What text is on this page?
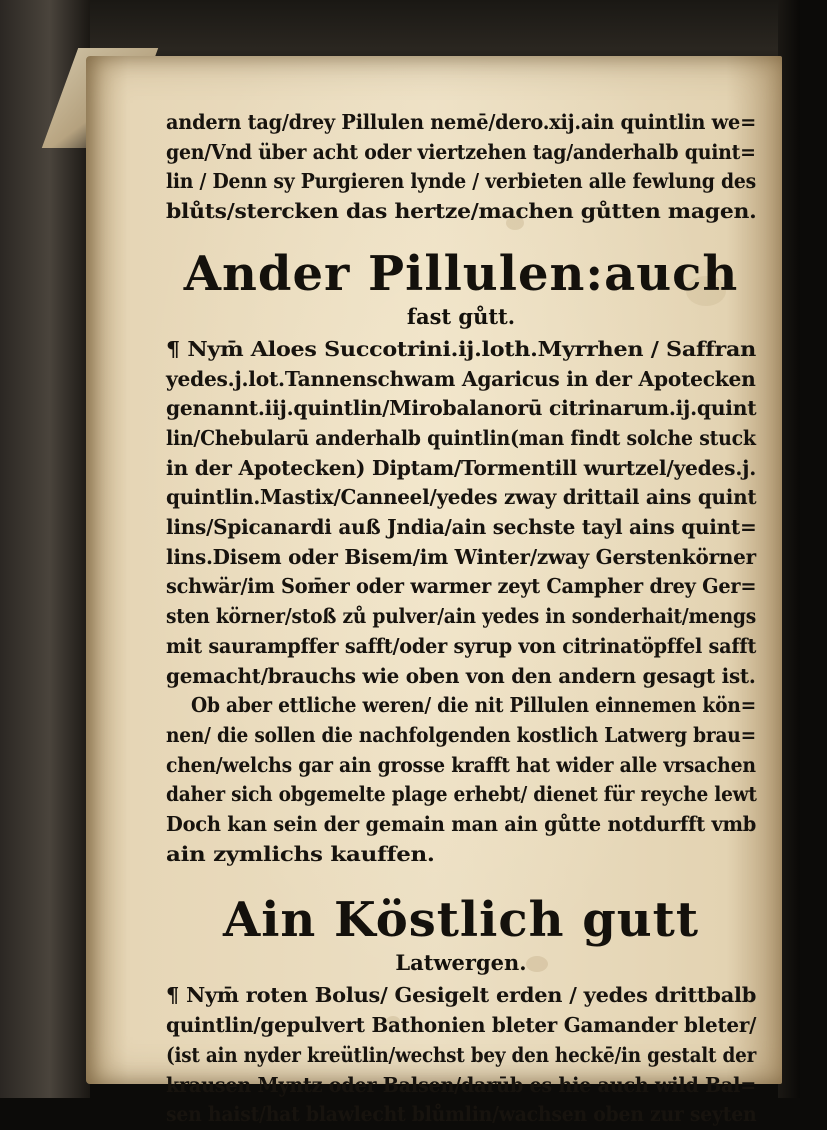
andern tag/drey Pillulen nemē/dero.xij.ain quintlin we=
gen/Vnd über acht oder viertzehen tag/anderhalb quint=
lin / Denn sy Purgieren lynde / verbieten alle fewlung des
blůts/stercken das hertze/machen gůtten magen.
Ander Pillulen:auch
fast gůtt.
¶ Nym̄ Aloes Succotrini.ij.loth.Myrrhen / Saffran
yedes.j.lot.Tannenschwam Agaricus in der Apotecken
genannt.iij.quintlin/Mirobalanorū citrinarum.ij.quint
lin/Chebularū anderhalb quintlin(man findt solche stuck
in der Apotecken) Diptam/Tormentill wurtzel/yedes.j.
quintlin.Mastix/Canneel/yedes zway drittail ains quint
lins/Spicanardi auß Jndia/ain sechste tayl ains quint=
lins.Disem oder Bisem/im Winter/zway Gerstenkörner
schwär/im Som̄er oder warmer zeyt Campher drey Ger=
sten körner/stoß zů pulver/ain yedes in sonderhait/mengs
mit saurampffer safft/oder syrup von citrinatöpffel safft
gemacht/brauchs wie oben von den andern gesagt ist.
Ob aber ettliche weren/ die nit Pillulen einnemen kön=
nen/ die sollen die nachfolgenden kostlich Latwerg brau=
chen/welchs gar ain grosse krafft hat wider alle vrsachen
daher sich obgemelte plage erhebt/ dienet für reyche lewt
Doch kan sein der gemain man ain gůtte notdurfft vmb
ain zymlichs kauffen.
Ain Köstlich gutt
Latwergen.
¶ Nym̄ roten Bolus/ Gesigelt erden / yedes drittbalb
quintlin/gepulvert Bathonien bleter Gamander bleter/
(ist ain nyder kreütlin/wechst bey den heckē/in gestalt der
krausen Myntz oder Balsen/darūb es hie auch wild Bal=
sen haist/hat blawlecht blůmlin/wachsen oben zur seyten
